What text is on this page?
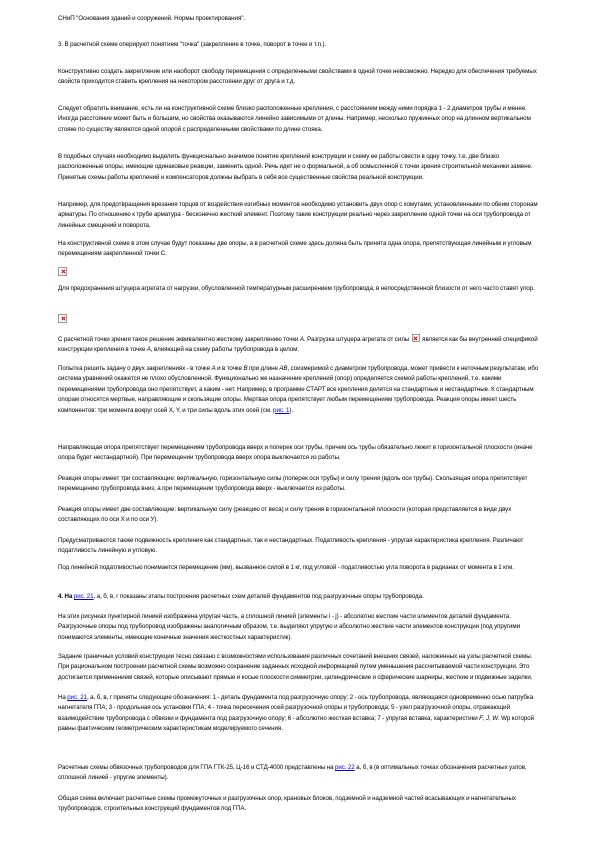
СНиП "Основания зданий и сооружений. Нормы проектирования".

3. В расчетной схеме оперируют понятием "точка" (закрепление в точке, поворот в точке и т.п.).

Конструктивно создать закрепление или наоборот свободу перемещения с определенными свойствами в одной точке невозможно. Нередко для обеспечения требуемых свойств приходится ставить крепления на некотором расстоянии друг от друга и т.д.

Следует обратить внимание, есть ли на конструктивной схеме близко расположенные крепления, с расстоянием между ними порядка 1 - 2 диаметров трубы и менее. Иногда расстояние может быть и большим, но свойства оказываются линейно зависимыми от длины. Например, несколько пружинных опор на длинном вертикальном стояке по существу являются одной опорой с распределенными свойствами по длине стояка.

В подобных случаях необходимо выделить функционально значимое понятие креплений конструкции и схему ее работы свести в одну точку, т.е. две близко расположенные опоры, имеющие одинаковые реакции, заменить одной. Речь идет не о формальной, а об осмысленной с точки зрения строительной механики замене. Принятые схемы работы креплений и компенсаторов должны выбрать в себя все существенные свойства реальной конструкции.

Например, для предотвращения врезания торцов от воздействия изгибных моментов необходимо установить двух опор с хомутами, установленными по обеим сторонам арматуры. По отношению к трубе арматура - бесконечно жесткий элемент. Поэтому такие конструкции реально через закрепление одной точки на оси трубопровода от линейных смещений и поворота.

На конструктивной схеме в этом случае будут показаны две опоры, а в расчетной схеме здесь должна быть принята одна опора, препятствующая линейным и угловым перемещениям закрепленной точки С.

Для предохранения штуцера агрегата от нагрузки, обусловленной температурным расширением трубопровода, в непосредственной близости от него часто ставят упор.

С расчетной точки зрения такое решение эквивалентно жесткому закреплению точки А. Разгрузка штуцера агрегата от силы  является как бы внутренней спецификой конструкции крепления в точке А, влияющей на схему работы трубопровода в целом.

Попытка решить задачу о двух закреплениях - в точке А и в точке В при длине АВ, соизмеримой с диаметром трубопровода, может привести к неточным результатам, ибо система уравнений окажется не плохо обусловленной. Функционально же назначение креплений (опор) определяется схемой работы креплений, т.е. какими перемещениями трубопровода оно препятствует, а каким - нет. Например, в программе СТАРТ все крепления делятся на стандартные и нестандартные. К стандартным опорам относятся мертвые, направляющие и скользящие опоры. Мертвая опора препятствует любым перемещениям трубопровода. Реакция опоры имеет шесть компонентов: три момента вокруг осей X, Y, и три силы вдоль этих осей (см. рис. 1).

Направляющая опора препятствует перемещениям трубопровода вверх и поперек оси трубы, причем ось трубы обязательно лежит в горизонтальной плоскости (иначе опора будет нестандартной). При перемещении трубопровода вверх опора выключается из работы.

Реакция опоры имеет три составляющие: вертикальную, горизонтальную силы (поперек оси трубы) и силу трения (вдоль оси трубы). Скользящая опора препятствует перемещению трубопровода вниз, а при перемещении трубопровода вверх - выключается из работы.

Реакция опоры имеет две составляющие: вертикальную силу (реакцию от веса) и силу трения в горизонтальной плоскости (которая представляется в виде двух составляющих по оси Х и по оси У).

Предусматриваются также подвижность крепления как стандартных, так и нестандартных. Податливость крепления - упругая характеристика крепления. Различают податливость линейную и угловую.

Под линейной податливостью понимается перемещение (мм), вызванное силой в 1 кг, под угловой - податливостью угла поворота в радианах от момента в 1 кгм.

4. На рис. 21, а, б, в, г показаны этапы построения расчетных схем деталей фундаментов под разгрузочные опоры трубопровода.

На этих рисунках пунктирной линией изображена упругая часть, а сплошной линией (элементы i - j) - абсолютно жесткие части элементов деталей фундамента. Разгрузочные опоры под трубопровод изображены аналогичным образом, т.е. выделяют упругую и абсолютно жесткие части элементов конструкции (под упругими понимаются элементы, имеющие конечные значения жесткостных характеристик).

Задание граничных условий конструкции тесно связано с возможностями использования различных сочетаний внешних связей, наложенных на узлы расчетной схемы. При рациональном построении расчетной схемы возможно сохранение заданных исходной информацией путем уменьшения рассчитываемой части конструкции. Это достигается применением связей, которые описывают прямые и косые плоскости симметрии, цилиндрические и сферические шарниры, жесткие и подвижные заделки.

На рис. 21, а, б, в, г приняты следующие обозначения: 1 - деталь фундамента под разгрузочную опору; 2 - ось трубопровода, являющаяся одновременно осью патрубка нагнетателя ГПА; 3 - продольная ось установки ГПА; 4 - точка пересечения осей разгрузочной опоры и трубопровода; 5 - узел разгрузочной опоры, отражающий взаимодействие трубопровода с обвязки и фундамента под разгрузочную опору; 6 - абсолютно жесткая вставка; 7 - упругая вставка, характеристики F, J, W. Wp которой равны фактическим геометрическим характеристикам моделируемого сечения.

Расчетные схемы обвязочных трубопроводов для ГПА ГТК-25, Ц-16 и СТД-4000 представлены на рис. 22 а, б, в (в оптимальных точках обозначения расчетных узлов, сплошной линией - упругие элементы).

Общая схема включает расчетные схемы промежуточных и разгрузочных опор, крановых блоков, подземной и надземной частей всасывающих и нагнетательных трубопроводов, строительных конструкций фундаментов под ГПА.
